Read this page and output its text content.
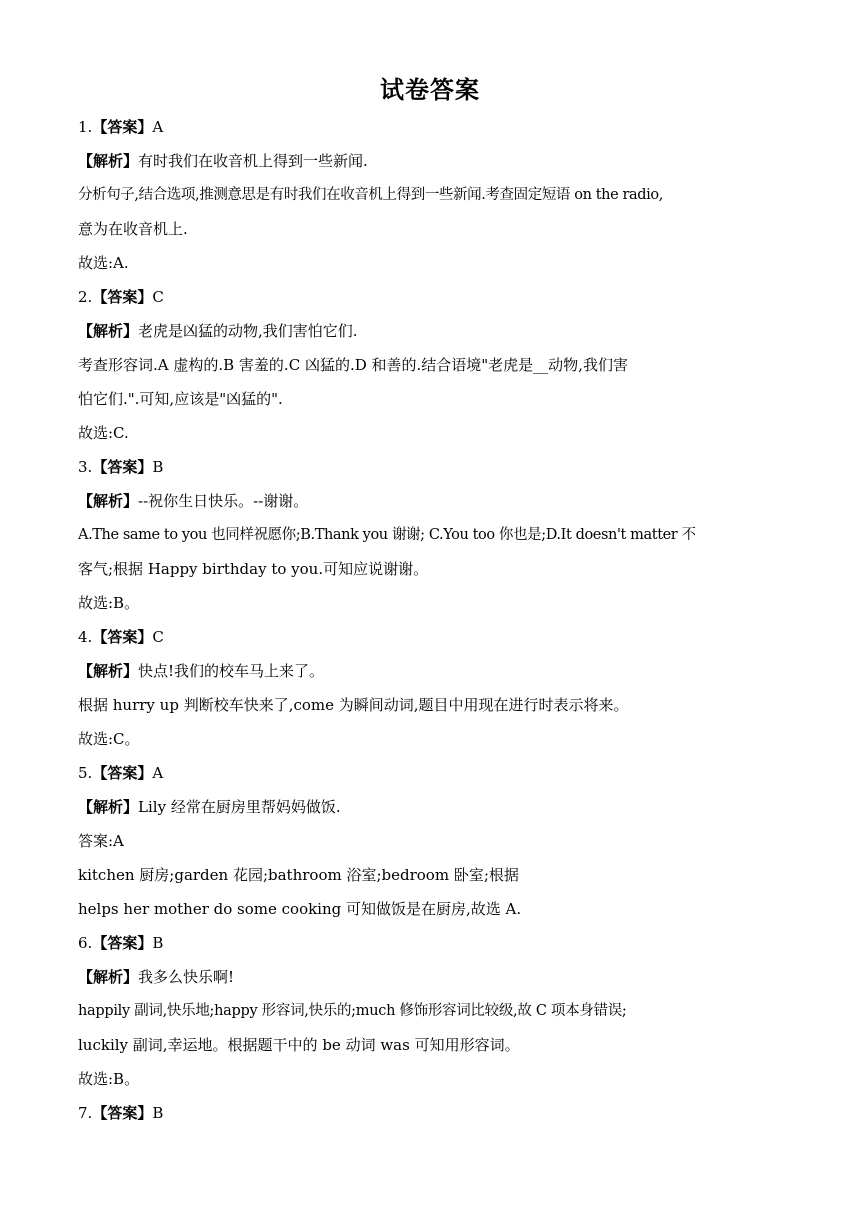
试卷答案
1.【答案】A
【解析】有时我们在收音机上得到一些新闻.
分析句子,结合选项,推测意思是有时我们在收音机上得到一些新闻.考查固定短语 on the radio,
意为在收音机上.
故选:A.
2.【答案】C
【解析】老虎是凶猛的动物,我们害怕它们.
考查形容词.A 虚构的.B 害羞的.C 凶猛的.D 和善的.结合语境"老虎是__动物,我们害
怕它们.".可知,应该是"凶猛的".
故选:C.
3.【答案】B
【解析】--祝你生日快乐。--谢谢。
A.The same to you 也同样祝愿你;B.Thank you 谢谢; C.You too 你也是;D.It doesn't matter 不
客气;根据 Happy birthday to you.可知应说谢谢。
故选:B。
4.【答案】C
【解析】快点!我们的校车马上来了。
根据 hurry up 判断校车快来了,come 为瞬间动词,题目中用现在进行时表示将来。
故选:C。
5.【答案】A
【解析】Lily 经常在厨房里帮妈妈做饭.
答案:A
kitchen 厨房;garden 花园;bathroom 浴室;bedroom 卧室;根据
helps her mother do some cooking 可知做饭是在厨房,故选 A.
6.【答案】B
【解析】我多么快乐啊!
happily 副词,快乐地;happy 形容词,快乐的;much 修饰形容词比较级,故 C 项本身错误;
luckily 副词,幸运地。根据题干中的 be 动词 was 可知用形容词。
故选:B。
7.【答案】B
